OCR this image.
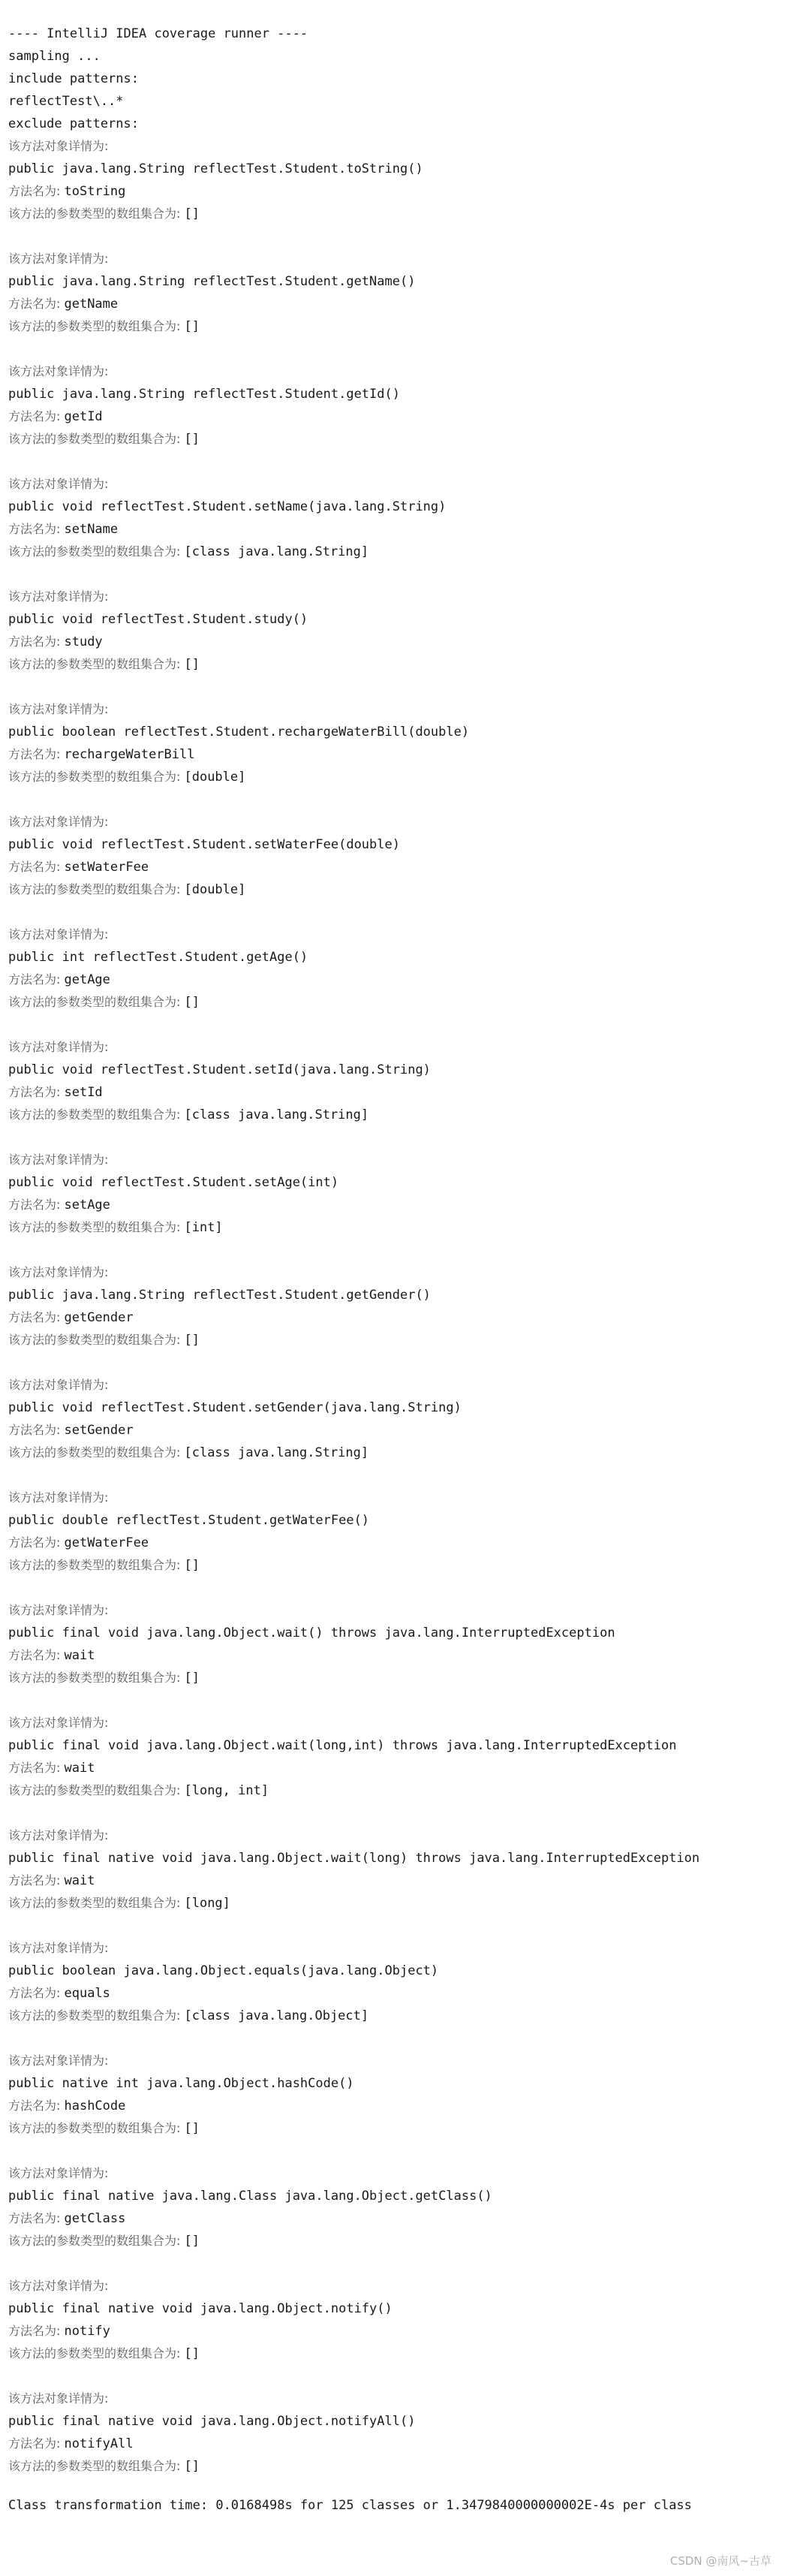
---- IntelliJ IDEA coverage runner ----
sampling ...
include patterns:
reflectTest\..*
exclude patterns:
该方法对象详情为:
public java.lang.String reflectTest.Student.toString()
方法名为: toString
该方法的参数类型的数组集合为: []
该方法对象详情为:
public java.lang.String reflectTest.Student.getName()
方法名为: getName
该方法的参数类型的数组集合为: []
该方法对象详情为:
public java.lang.String reflectTest.Student.getId()
方法名为: getId
该方法的参数类型的数组集合为: []
该方法对象详情为:
public void reflectTest.Student.setName(java.lang.String)
方法名为: setName
该方法的参数类型的数组集合为: [class java.lang.String]
该方法对象详情为:
public void reflectTest.Student.study()
方法名为: study
该方法的参数类型的数组集合为: []
该方法对象详情为:
public boolean reflectTest.Student.rechargeWaterBill(double)
方法名为: rechargeWaterBill
该方法的参数类型的数组集合为: [double]
该方法对象详情为:
public void reflectTest.Student.setWaterFee(double)
方法名为: setWaterFee
该方法的参数类型的数组集合为: [double]
该方法对象详情为:
public int reflectTest.Student.getAge()
方法名为: getAge
该方法的参数类型的数组集合为: []
该方法对象详情为:
public void reflectTest.Student.setId(java.lang.String)
方法名为: setId
该方法的参数类型的数组集合为: [class java.lang.String]
该方法对象详情为:
public void reflectTest.Student.setAge(int)
方法名为: setAge
该方法的参数类型的数组集合为: [int]
该方法对象详情为:
public java.lang.String reflectTest.Student.getGender()
方法名为: getGender
该方法的参数类型的数组集合为: []
该方法对象详情为:
public void reflectTest.Student.setGender(java.lang.String)
方法名为: setGender
该方法的参数类型的数组集合为: [class java.lang.String]
该方法对象详情为:
public double reflectTest.Student.getWaterFee()
方法名为: getWaterFee
该方法的参数类型的数组集合为: []
该方法对象详情为:
public final void java.lang.Object.wait() throws java.lang.InterruptedException
方法名为: wait
该方法的参数类型的数组集合为: []
该方法对象详情为:
public final void java.lang.Object.wait(long,int) throws java.lang.InterruptedException
方法名为: wait
该方法的参数类型的数组集合为: [long, int]
该方法对象详情为:
public final native void java.lang.Object.wait(long) throws java.lang.InterruptedException
方法名为: wait
该方法的参数类型的数组集合为: [long]
该方法对象详情为:
public boolean java.lang.Object.equals(java.lang.Object)
方法名为: equals
该方法的参数类型的数组集合为: [class java.lang.Object]
该方法对象详情为:
public native int java.lang.Object.hashCode()
方法名为: hashCode
该方法的参数类型的数组集合为: []
该方法对象详情为:
public final native java.lang.Class java.lang.Object.getClass()
方法名为: getClass
该方法的参数类型的数组集合为: []
该方法对象详情为:
public final native void java.lang.Object.notify()
方法名为: notify
该方法的参数类型的数组集合为: []
该方法对象详情为:
public final native void java.lang.Object.notifyAll()
方法名为: notifyAll
该方法的参数类型的数组集合为: []
Class transformation time: 0.0168498s for 125 classes or 1.3479840000000002E-4s per class

CSDN @南风~古草
